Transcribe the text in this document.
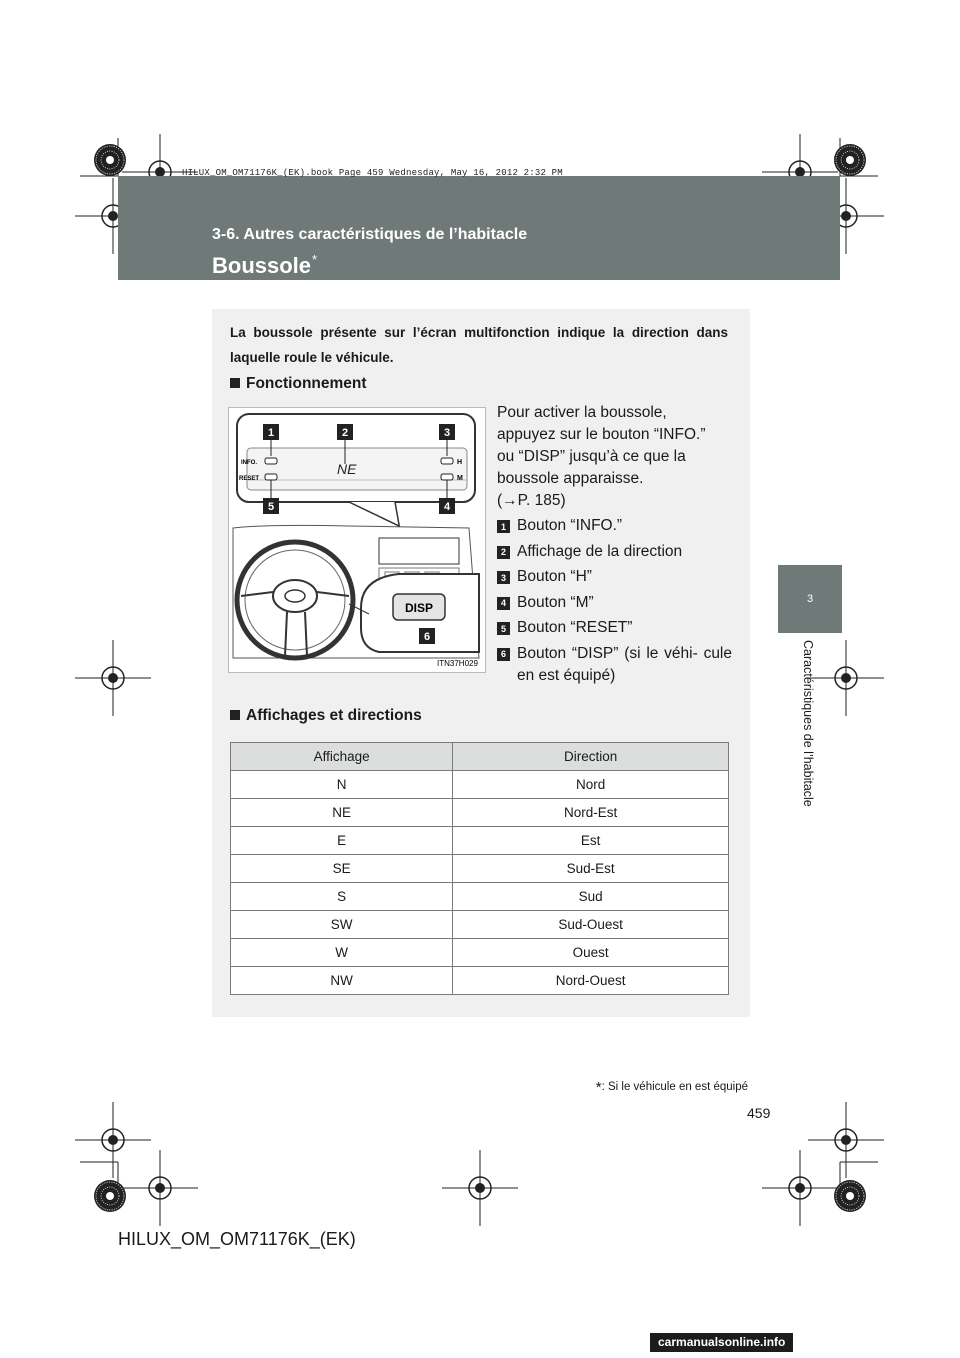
HILUX_OM_OM71176K_(EK).book Page 459 Wednesday, May 16, 2012 2:32 PM
3-6. Autres caractéristiques de l’habitacle
Boussole*
3
Caractéristiques de l’habitacle
La boussole présente sur l’écran multifonction indique la direction dans laquelle roule le véhicule.
Fonctionnement
1	2	3
4
5
INFO.
RESET
H
M
NE
DISP
6
ITN37H029
Pour activer la boussole,
appuyez sur le bouton “INFO.”
ou “DISP” jusqu’à ce que la
boussole apparaisse.
(→P. 185)
1 Bouton “INFO.”
2 Affichage de la direction
3 Bouton “H”
4 Bouton “M”
5 Bouton “RESET”
6 Bouton “DISP” (si le véhi- cule en est équipé)
Affichages et directions
Affichage	Direction
N	Nord
NE	Nord-Est
E	Est
SE	Sud-Est
S	Sud
SW	Sud-Ouest
W	Ouest
NW	Nord-Ouest
*: Si le véhicule en est équipé
459
HILUX_OM_OM71176K_(EK)
carmanualsonline.info
